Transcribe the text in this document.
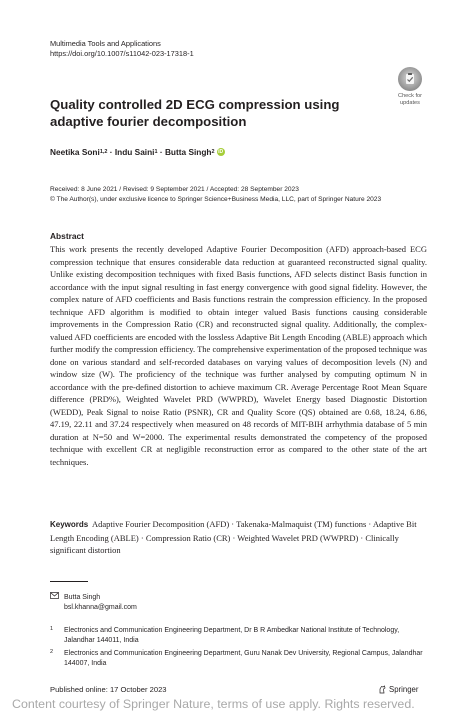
Multimedia Tools and Applications
https://doi.org/10.1007/s11042-023-17318-1
Check for
updates
Quality controlled 2D ECG compression using adaptive fourier decomposition
Neetika Soni 1,2 · Indu Saini 1 · Butta Singh 2 iD
Received: 8 June 2021 / Revised: 9 September 2021 / Accepted: 28 September 2023
© The Author(s), under exclusive licence to Springer Science+Business Media, LLC, part of Springer Nature 2023
Abstract

This work presents the recently developed Adaptive Fourier Decomposition (AFD) approach-based ECG compression technique that ensures considerable data reduction at guaranteed reconstructed signal quality. Unlike existing decomposition techniques with fixed Basis functions, AFD selects distinct Basis function in accordance with the input signal resulting in fast energy convergence with good signal fidelity. However, the complex nature of AFD coefficients and Basis functions restrain the compression efficiency. In the proposed technique AFD algorithm is modified to obtain integer valued Basis functions causing considerable improvements in the Compression Ratio (CR) and reconstructed signal quality. Additionally, the complex-valued AFD coefficients are encoded with the lossless Adaptive Bit Length Encoding (ABLE) approach which further modify the compression efficiency. The comprehensive experimentation of the proposed technique was done on various standard and self-recorded databases on varying values of decomposition levels (N) and window size (W). The proficiency of the technique was further analysed by computing optimum N in accordance with the pre-defined distortion to achieve maximum CR. Average Percentage Root Mean Square difference (PRD%), Weighted Wavelet PRD (WWPRD), Wavelet Energy based Diagnostic Distortion (WEDD), Peak Signal to noise Ratio (PSNR), CR and Quality Score (QS) obtained are 0.68, 18.24, 6.86, 47.19, 22.11 and 37.24 respectively when measured on 48 records of MIT-BIH arrhythmia database of 5 min duration at N=50 and W=2000. The experimental results demonstrated the competency of the proposed technique with excellent CR at negligible reconstruction error as compared to the other state of the art techniques.

Keywords Adaptive Fourier Decomposition (AFD) · Takenaka-Malmaquist (TM) functions · Adaptive Bit Length Encoding (ABLE) · Compression Ratio (CR) · Weighted Wavelet PRD (WWPRD) · Clinically significant distortion
Butta Singh
bsl.khanna@gmail.com
1 Electronics and Communication Engineering Department, Dr B R Ambedkar National Institute of Technology, Jalandhar 144011, India
2 Electronics and Communication Engineering Department, Guru Nanak Dev University, Regional Campus, Jalandhar 144007, India
Published online: 17 October 2023	Springer
Content courtesy of Springer Nature, terms of use apply. Rights reserved.
